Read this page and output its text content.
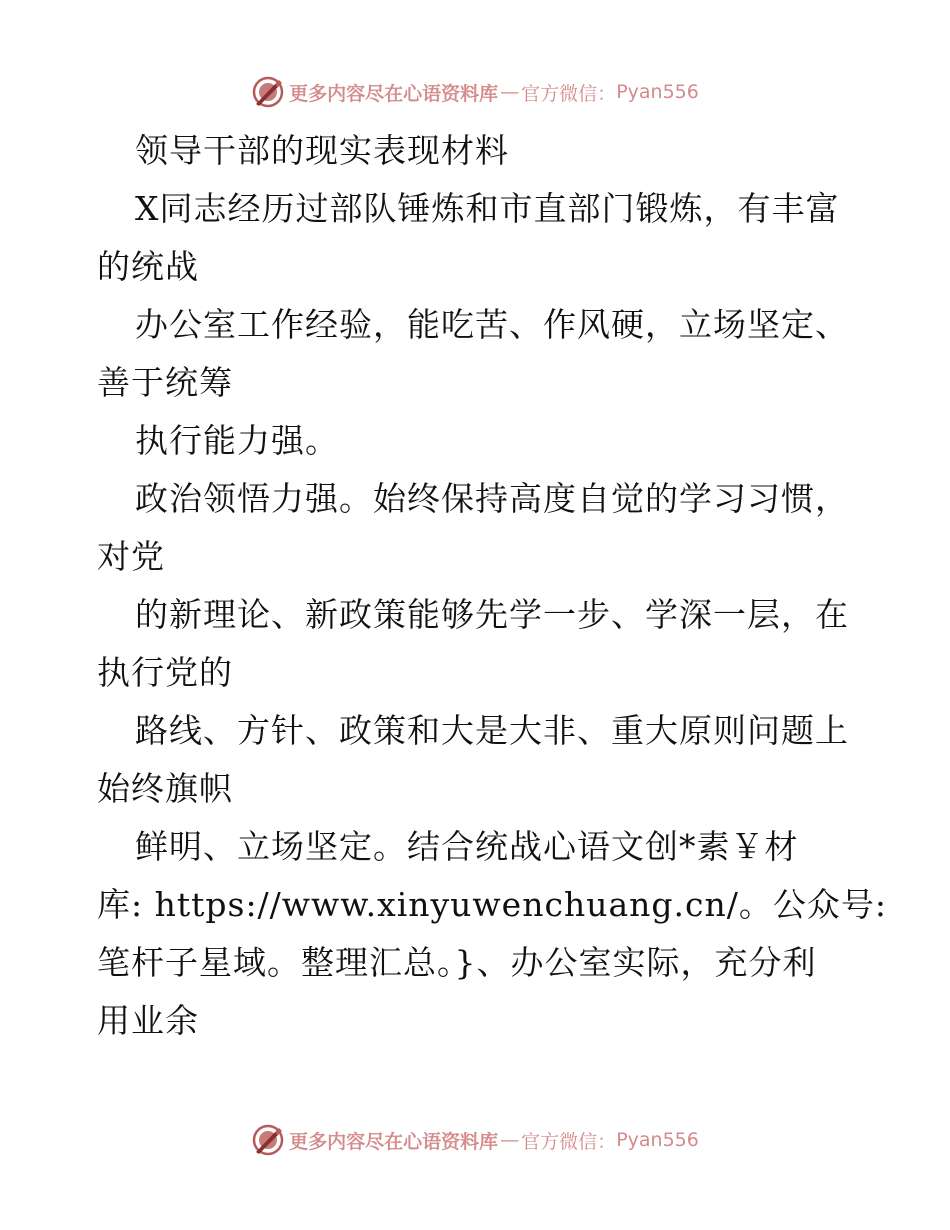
更多内容尽在心语资料库 — 官方微信： Pyan556
领导干部的现实表现材料
X同志经历过部队锤炼和市直部门锻炼，有丰富
的统战
办公室工作经验，能吃苦、作风硬，立场坚定、
善于统筹
执行能力强。
政治领悟力强。始终保持高度自觉的学习习惯，
对党
的新理论、新政策能够先学一步、学深一层，在
执行党的
路线、方针、政策和大是大非、重大原则问题上
始终旗帜
鲜明、立场坚定。结合统战心语文创*素￥材
库: https://www.xinyuwenchuang.cn/。公众号:
笔杆子星域。整理汇总。}、办公室实际，充分利
用业余
更多内容尽在心语资料库 — 官方微信： Pyan556
